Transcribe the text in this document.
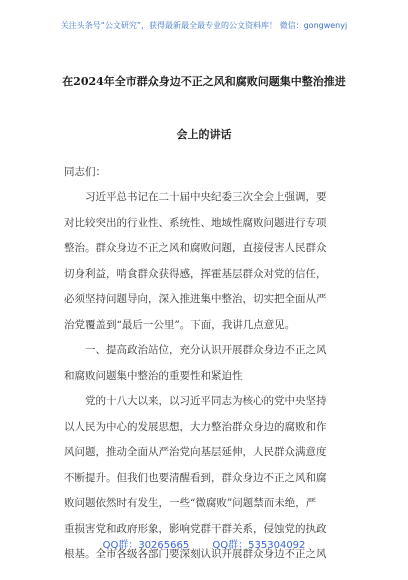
关注头条号“公文研究”，获得最新最全最专业的公文资料库！ 微信：gongwenyj
在2024年全市群众身边不正之风和腐败问题集中整治推进
会上的讲话
同志们：
习近平总书记在二十届中央纪委三次全会上强调，要
对比较突出的行业性、系统性、地域性腐败问题进行专项
整治。群众身边不正之风和腐败问题，直接侵害人民群众
切身利益，啃食群众获得感，挥霍基层群众对党的信任，
必须坚持问题导向，深入推进集中整治，切实把全面从严
治党覆盖到“最后一公里”。下面，我讲几点意见。
一、提高政治站位，充分认识开展群众身边不正之风
和腐败问题集中整治的重要性和紧迫性
党的十八大以来，以习近平同志为核心的党中央坚持
以人民为中心的发展思想，大力整治群众身边的腐败和作
风问题，推动全面从严治党向基层延伸，人民群众满意度
不断提升。但我们也要清醒看到，群众身边不正之风和腐
败问题依然时有发生，一些“微腐败”问题禁而未绝，严
重损害党和政府形象，影响党群干群关系，侵蚀党的执政
根基。全市各级各部门要深刻认识开展群众身边不正之风
QQ群：30265665 QQ群：535304092
